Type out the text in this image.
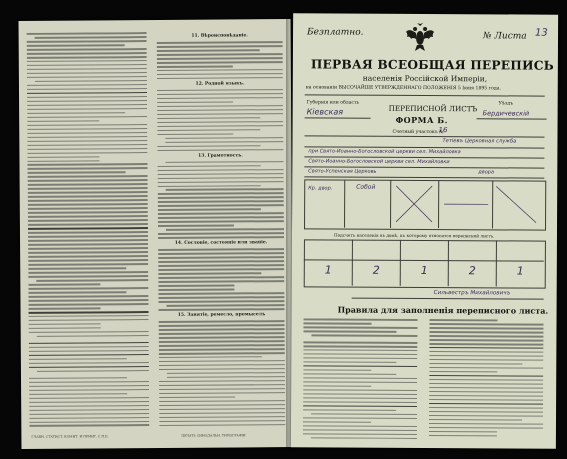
11. Вѣроисповѣданіе.
12. Родной языкъ.
13. Грамотность.
14. Сословіе, состояніе или званіе.
15. Занятіе, ремесло, промыселъ
ГЛАВН. СТАТИСТ. КОМИТ. И ПРИНТ. С.П.Б.	ПЕЧАТЬ СИНОДАЛЬН. ТИПОГРАФІИ
Безплатно.	№ Листа 13
ПЕРВАЯ ВСЕОБЩАЯ ПЕРЕПИСЬ
населенія Россійской Имперіи,
на основаніи ВЫСОЧАЙШЕ УТВЕРЖДЕННАГО ПОЛОЖЕНІЯ 5 Іюня 1895 года.
Губернія или область
Кіевская	ПЕРЕПИСНОЙ ЛИСТЪ
ФОРМА Б.
Уѣздъ
Бердичевскій
Счетный участокъ №
16
Тетіевъ Церковная служба
при Свято-Иоанно-Богословской церкви сел. Михайловка
Свято-Иоанно-Богословской церкви сел. Михайловки
Свято-Успенская Церковь	двора
Кр. двор.	Собой
Подсчетъ населенія въ домѣ, къ которому относится переписной листъ.
Сильвестръ Михайловичъ
Правила для заполненія переписного листа.
1	2	1	2	1
